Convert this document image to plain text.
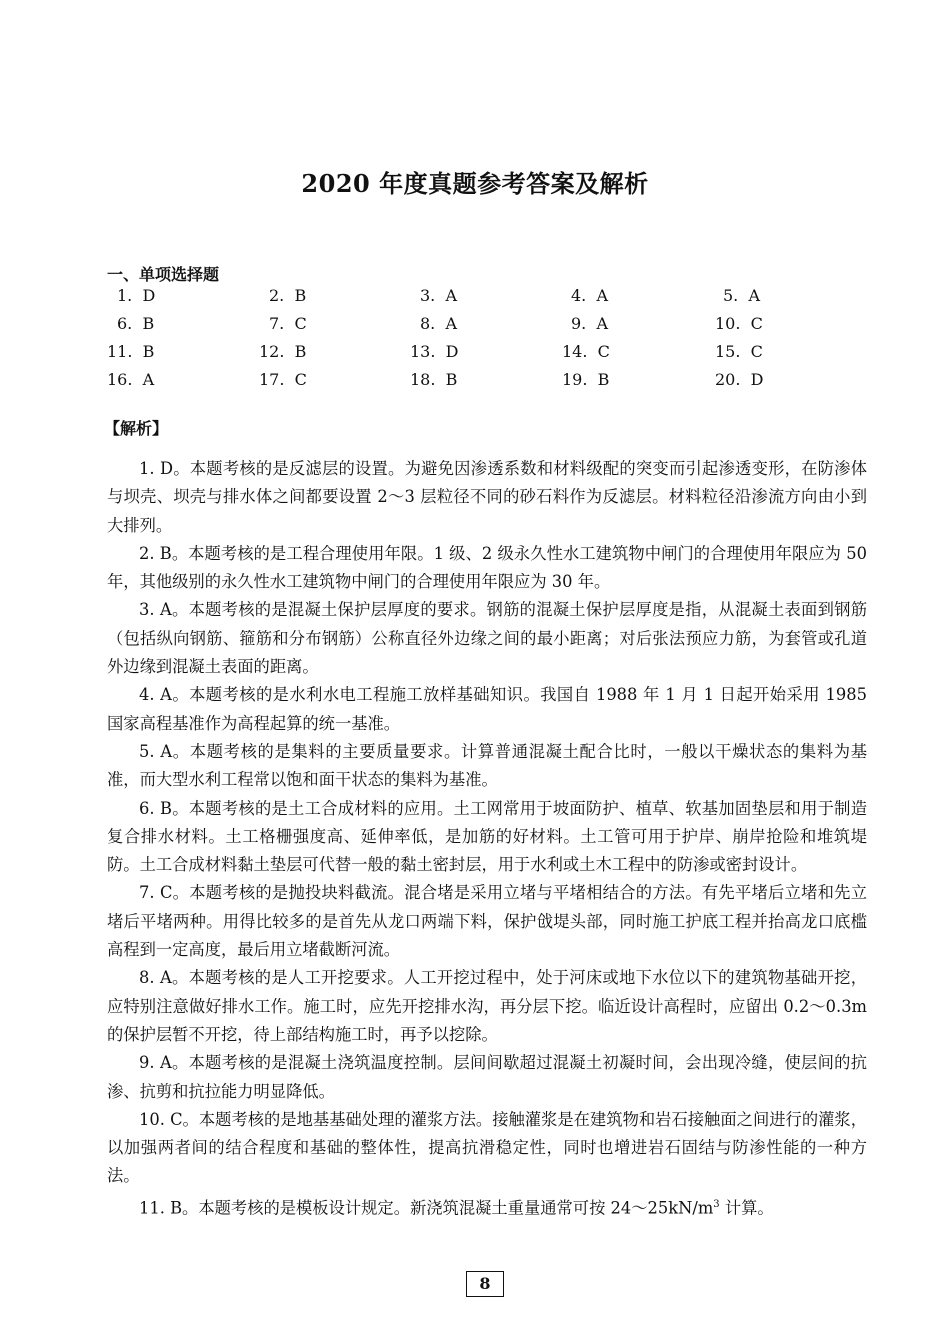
2020 年度真题参考答案及解析
一、单项选择题
1.  D	2.  B	3.  A	4.  A	5.  A
6.  B	7.  C	8.  A	9.  A	10.  C
11.  B	12.  B	13.  D	14.  C	15.  C
16.  A	17.  C	18.  B	19.  B	20.  D
【解析】

1. D。本题考核的是反滤层的设置。为避免因渗透系数和材料级配的突变而引起渗透变形，在防渗体与坝壳、坝壳与排水体之间都要设置 2～3 层粒径不同的砂石料作为反滤层。材料粒径沿渗流方向由小到大排列。

2. B。本题考核的是工程合理使用年限。1 级、2 级永久性水工建筑物中闸门的合理使用年限应为 50 年，其他级别的永久性水工建筑物中闸门的合理使用年限应为 30 年。

3. A。本题考核的是混凝土保护层厚度的要求。钢筋的混凝土保护层厚度是指，从混凝土表面到钢筋（包括纵向钢筋、箍筋和分布钢筋）公称直径外边缘之间的最小距离；对后张法预应力筋，为套管或孔道外边缘到混凝土表面的距离。

4. A。本题考核的是水利水电工程施工放样基础知识。我国自 1988 年 1 月 1 日起开始采用 1985 国家高程基准作为高程起算的统一基准。

5. A。本题考核的是集料的主要质量要求。计算普通混凝土配合比时，一般以干燥状态的集料为基准，而大型水利工程常以饱和面干状态的集料为基准。

6. B。本题考核的是土工合成材料的应用。土工网常用于坡面防护、植草、软基加固垫层和用于制造复合排水材料。土工格栅强度高、延伸率低，是加筋的好材料。土工管可用于护岸、崩岸抢险和堆筑堤防。土工合成材料黏土垫层可代替一般的黏土密封层，用于水利或土木工程中的防渗或密封设计。

7. C。本题考核的是抛投块料截流。混合堵是采用立堵与平堵相结合的方法。有先平堵后立堵和先立堵后平堵两种。用得比较多的是首先从龙口两端下料，保护戗堤头部，同时施工护底工程并抬高龙口底槛高程到一定高度，最后用立堵截断河流。

8. A。本题考核的是人工开挖要求。人工开挖过程中，处于河床或地下水位以下的建筑物基础开挖，应特别注意做好排水工作。施工时，应先开挖排水沟，再分层下挖。临近设计高程时，应留出 0.2～0.3m 的保护层暂不开挖，待上部结构施工时，再予以挖除。

9. A。本题考核的是混凝土浇筑温度控制。层间间歇超过混凝土初凝时间，会出现冷缝，使层间的抗渗、抗剪和抗拉能力明显降低。

10. C。本题考核的是地基基础处理的灌浆方法。接触灌浆是在建筑物和岩石接触面之间进行的灌浆，以加强两者间的结合程度和基础的整体性，提高抗滑稳定性，同时也增进岩石固结与防渗性能的一种方法。

11. B。本题考核的是模板设计规定。新浇筑混凝土重量通常可按 $24\sim 25kN/m^3$ 计算。

8
